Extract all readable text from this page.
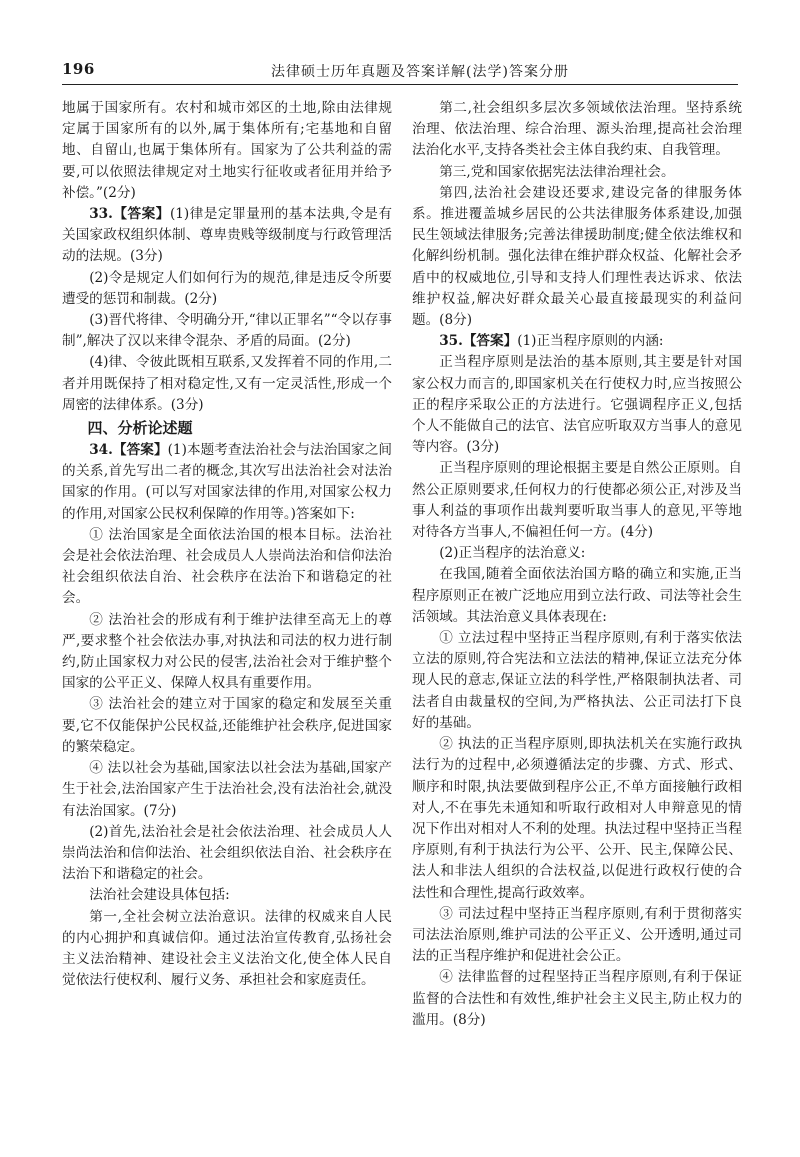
196	法律硕士历年真题及答案详解(法学)答案分册

地属于国家所有。农村和城市郊区的土地,除由法律规定属于国家所有的以外,属于集体所有;宅基地和自留地、自留山,也属于集体所有。国家为了公共利益的需要,可以依照法律规定对土地实行征收或者征用并给予补偿。”(2分)

33.【答案】(1)律是定罪量刑的基本法典,令是有关国家政权组织体制、尊卑贵贱等级制度与行政管理活动的法规。(3分)

(2)令是规定人们如何行为的规范,律是违反令所要遭受的惩罚和制裁。(2分)

(3)晋代将律、令明确分开,“律以正罪名”“令以存事制”,解决了汉以来律令混杂、矛盾的局面。(2分)

(4)律、令彼此既相互联系,又发挥着不同的作用,二者并用既保持了相对稳定性,又有一定灵活性,形成一个周密的法律体系。(3分)

四、分析论述题

34.【答案】(1)本题考查法治社会与法治国家之间的关系,首先写出二者的概念,其次写出法治社会对法治国家的作用。(可以写对国家法律的作用,对国家公权力的作用,对国家公民权利保障的作用等。)答案如下:

① 法治国家是全面依法治国的根本目标。法治社会是社会依法治理、社会成员人人崇尚法治和信仰法治社会组织依法自治、社会秩序在法治下和谐稳定的社会。

② 法治社会的形成有利于维护法律至高无上的尊严,要求整个社会依法办事,对执法和司法的权力进行制约,防止国家权力对公民的侵害,法治社会对于维护整个国家的公平正义、保障人权具有重要作用。

③ 法治社会的建立对于国家的稳定和发展至关重要,它不仅能保护公民权益,还能维护社会秩序,促进国家的繁荣稳定。

④ 法以社会为基础,国家法以社会法为基础,国家产生于社会,法治国家产生于法治社会,没有法治社会,就没有法治国家。(7分)

(2)首先,法治社会是社会依法治理、社会成员人人崇尚法治和信仰法治、社会组织依法自治、社会秩序在法治下和谐稳定的社会。

法治社会建设具体包括:

第一,全社会树立法治意识。法律的权威来自人民的内心拥护和真诚信仰。通过法治宣传教育,弘扬社会主义法治精神、建设社会主义法治文化,使全体人民自觉依法行使权利、履行义务、承担社会和家庭责任。

第二,社会组织多层次多领域依法治理。坚持系统治理、依法治理、综合治理、源头治理,提高社会治理法治化水平,支持各类社会主体自我约束、自我管理。

第三,党和国家依据宪法法律治理社会。

第四,法治社会建设还要求,建设完备的律服务体系。推进覆盖城乡居民的公共法律服务体系建设,加强民生领域法律服务;完善法律援助制度;健全依法维权和化解纠纷机制。强化法律在维护群众权益、化解社会矛盾中的权威地位,引导和支持人们理性表达诉求、依法维护权益,解决好群众最关心最直接最现实的利益问题。(8分)

35.【答案】(1)正当程序原则的内涵:

正当程序原则是法治的基本原则,其主要是针对国家公权力而言的,即国家机关在行使权力时,应当按照公正的程序采取公正的方法进行。它强调程序正义,包括个人不能做自己的法官、法官应听取双方当事人的意见等内容。(3分)

正当程序原则的理论根据主要是自然公正原则。自然公正原则要求,任何权力的行使都必须公正,对涉及当事人利益的事项作出裁判要听取当事人的意见,平等地对待各方当事人,不偏袒任何一方。(4分)

(2)正当程序的法治意义:

在我国,随着全面依法治国方略的确立和实施,正当程序原则正在被广泛地应用到立法行政、司法等社会生活领域。其法治意义具体表现在:

① 立法过程中坚持正当程序原则,有利于落实依法立法的原则,符合宪法和立法法的精神,保证立法充分体现人民的意志,保证立法的科学性,严格限制执法者、司法者自由裁量权的空间,为严格执法、公正司法打下良好的基础。

② 执法的正当程序原则,即执法机关在实施行政执法行为的过程中,必须遵循法定的步骤、方式、形式、顺序和时限,执法要做到程序公正,不单方面接触行政相对人,不在事先未通知和听取行政相对人申辩意见的情况下作出对相对人不利的处理。执法过程中坚持正当程序原则,有利于执法行为公平、公开、民主,保障公民、法人和非法人组织的合法权益,以促进行政权行使的合法性和合理性,提高行政效率。

③ 司法过程中坚持正当程序原则,有利于贯彻落实司法法治原则,维护司法的公平正义、公开透明,通过司法的正当程序维护和促进社会公正。

④ 法律监督的过程坚持正当程序原则,有利于保证监督的合法性和有效性,维护社会主义民主,防止权力的滥用。(8分)
